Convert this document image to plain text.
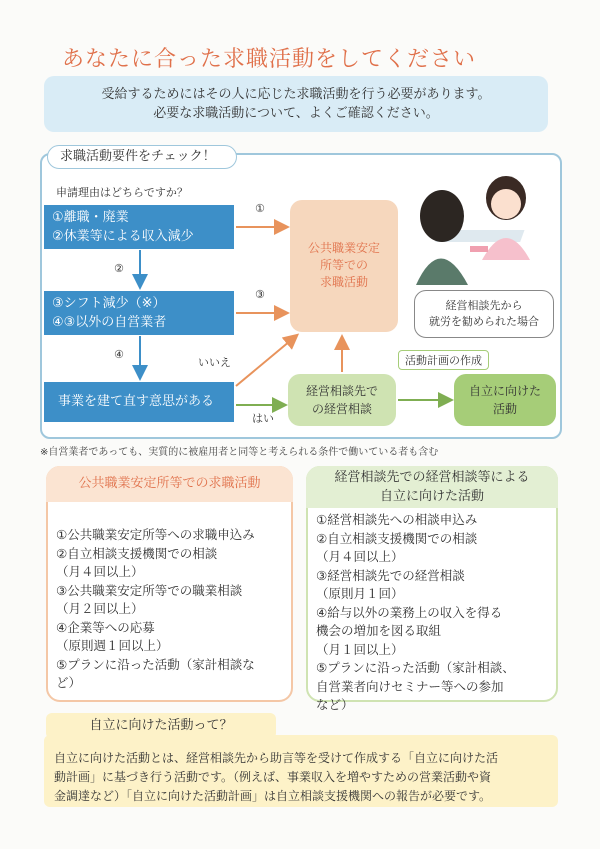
あなたに合った求職活動をしてください
受給するためにはその人に応じた求職活動を行う必要があります。
必要な求職活動について、よくご確認ください。
求職活動要件をチェック！
申請理由はどちらですか？
①離職・廃業
②休業等による収入減少
③シフト減少（※）
④③以外の自営業者
事業を建て直す意思がある
公共職業安定
所等での
求職活動
経営相談先で
の経営相談
自立に向けた
活動
経営相談先から
就労を勧められた場合
活動計画の作成
①
②
③
④
いいえ
はい
※自営業者であっても、実質的に被雇用者と同等と考えられる条件で働いている者も含む
公共職業安定所等での求職活動
①公共職業安定所等への求職申込み
②自立相談支援機関での相談
（月４回以上）
③公共職業安定所等での職業相談
（月２回以上）
④企業等への応募
（原則週１回以上）
⑤プランに沿った活動（家計相談な
ど）
経営相談先での経営相談等による
自立に向けた活動
①経営相談先への相談申込み
②自立相談支援機関での相談
（月４回以上）
③経営相談先での経営相談
（原則月１回）
④給与以外の業務上の収入を得る
機会の増加を図る取組
（月１回以上）
⑤プランに沿った活動（家計相談、
自営業者向けセミナー等への参加
など）
自立に向けた活動とは、経営相談先から助言等を受けて作成する「自立に向けた活
動計画」に基づき行う活動です。（例えば、事業収入を増やすための営業活動や資
金調達など）「自立に向けた活動計画」は自立相談支援機関への報告が必要です。
自立に向けた活動って？
